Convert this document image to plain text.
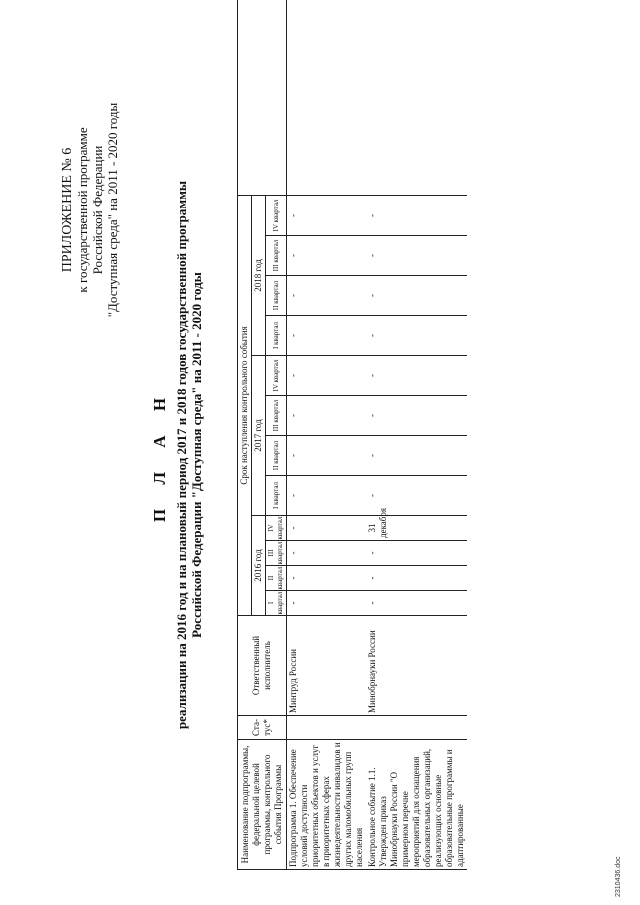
ПРИЛОЖЕНИЕ № 6 к государственной программе Российской Федерации "Доступная среда" на 2011 - 2020 годы
П Л А Н реализации на 2016 год и на плановый период 2017 и 2018 годов государственной программы Российской Федерации "Доступная среда" на 2011 - 2020 годы
Наименование подпрограммы, федеральной целевой программы, контрольного события Программы	Ста-тус*	Ответственный исполнитель	Срок наступления контрольного события												
			2016 год				2017 год				2018 год				
			I квартал	II квартал	III квартал	IV квартал	I квартал	II квартал	III квартал	IV квартал	I квартал	II квартал	III квартал	IV квартал	
Подпрограмма 1. Обеспечение условий доступности приоритетных объектов и услуг в приоритетных сферах жизнедеятельности инвалидов и других маломобильных групп населения		Минтруд России	-	-	-	-	-	-	-	-	-	-	-	-	
Контрольное событие 1.1. Утвержден приказ Минобрнауки России "О примерном перечне мероприятий для оснащения образовательных организаций, реализующих основные образовательные программы и адаптированные		Минобрнауки России	-	-	-	31 декабря	-	-	-	-	-	-	-	-	
2310436.doc
